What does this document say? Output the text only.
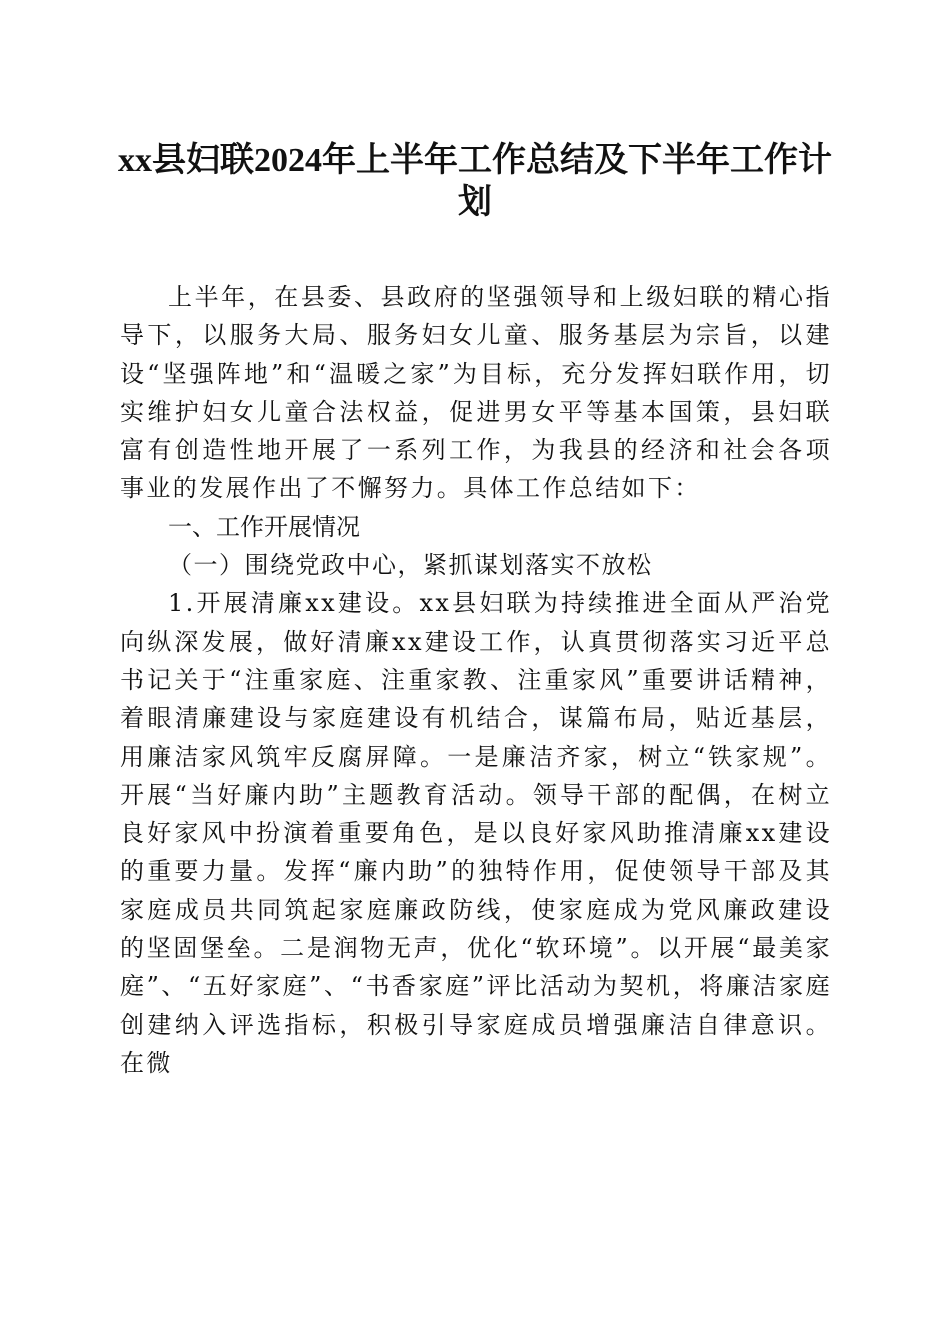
xx县妇联2024年上半年工作总结及下半年工作计划

上半年，在县委、县政府的坚强领导和上级妇联的精心指导下，以服务大局、服务妇女儿童、服务基层为宗旨，以建设“坚强阵地”和“温暖之家”为目标，充分发挥妇联作用，切实维护妇女儿童合法权益，促进男女平等基本国策，县妇联富有创造性地开展了一系列工作，为我县的经济和社会各项事业的发展作出了不懈努力。具体工作总结如下：

一、工作开展情况

（一）围绕党政中心，紧抓谋划落实不放松

1.开展清廉xx建设。xx县妇联为持续推进全面从严治党向纵深发展，做好清廉xx建设工作，认真贯彻落实习近平总书记关于“注重家庭、注重家教、注重家风”重要讲话精神，着眼清廉建设与家庭建设有机结合，谋篇布局，贴近基层，用廉洁家风筑牢反腐屏障。一是廉洁齐家，树立“铁家规”。开展“当好廉内助”主题教育活动。领导干部的配偶，在树立良好家风中扮演着重要角色，是以良好家风助推清廉xx建设的重要力量。发挥“廉内助”的独特作用，促使领导干部及其家庭成员共同筑起家庭廉政防线，使家庭成为党风廉政建设的坚固堡垒。二是润物无声，优化“软环境”。以开展“最美家庭”、“五好家庭”、“书香家庭”评比活动为契机，将廉洁家庭创建纳入评选指标，积极引导家庭成员增强廉洁自律意识。在微
